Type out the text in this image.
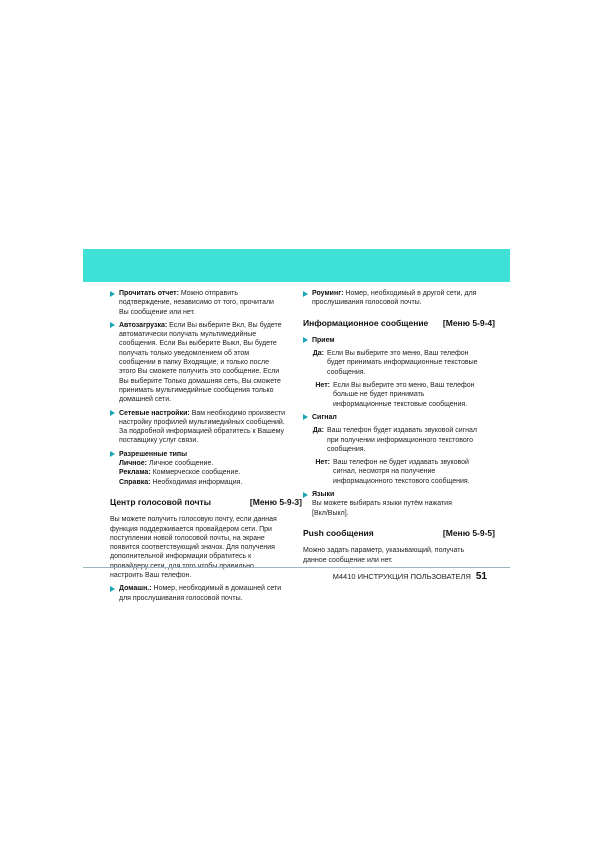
Прочитать отчет: Можно отправить
подтверждение, независимо от того, прочитали
Вы сообщение или нет.
Автозагрузка: Если Вы выберите Вкл, Вы будете
автоматически получать мультимедийные
сообщения. Если Вы выберите Выкл, Вы будете
получать только уведомлением об этом
сообщении в папку Входящие, и только после
этого Вы сможете получить это сообщение. Если
Вы выберите Только домашняя сеть, Вы сможете
принимать мультимедийные сообщения только
домашней сети.
Сетевые настройки: Вам необходимо произвести
настройку профилей мультимедийных сообщений.
За подробной информацией обратитесь к Вашему
поставщику услуг связи.
Разрешенные типы
Личное: Личное сообщение.
Реклама: Коммерческое сообщение.
Справка: Необходимая информация.
Центр голосовой почты	[Меню 5-9-3]
Вы можете получить голосовую почту, если данная
функция поддерживается провайдером сети. При
поступлении новой голосовой почты, на экране
появится соответствующий значок. Для получения
дополнительной информации обратитесь к
провайдеру сети, для того чтобы правильно
настроить Ваш телефон.
Домашн.: Номер, необходимый в домашней сети
для прослушивания голосовой почты.
Роуминг: Номер, необходимый в другой сети, для
прослушивания голосовой почты.
Информационное сообщение [Меню 5-9-4]
Прием
Да: Если Вы выберите это меню, Ваш телефон
будет принимать информационные текстовые
сообщения.
Нет: Если Вы выберите это меню, Ваш телефон
больше не будет принимать
информационные текстовые сообщения.
Сигнал
Да: Ваш телефон будет издавать звуковой сигнал
при получении информационного текстового
сообщения.
Нет: Ваш телефон не будет издавать звуковой
сигнал, несмотря на получение
информационного текстового сообщения.
Языки
Вы можете выбирать языки путём нажатия
[Вкл/Выкл].
Push сообщения	[Меню 5-9-5]
Можно задать параметр, указывающий, получать
данное сообщение или нет.
M4410 ИНСТРУКЦИЯ ПОЛЬЗОВАТЕЛЯ 51
